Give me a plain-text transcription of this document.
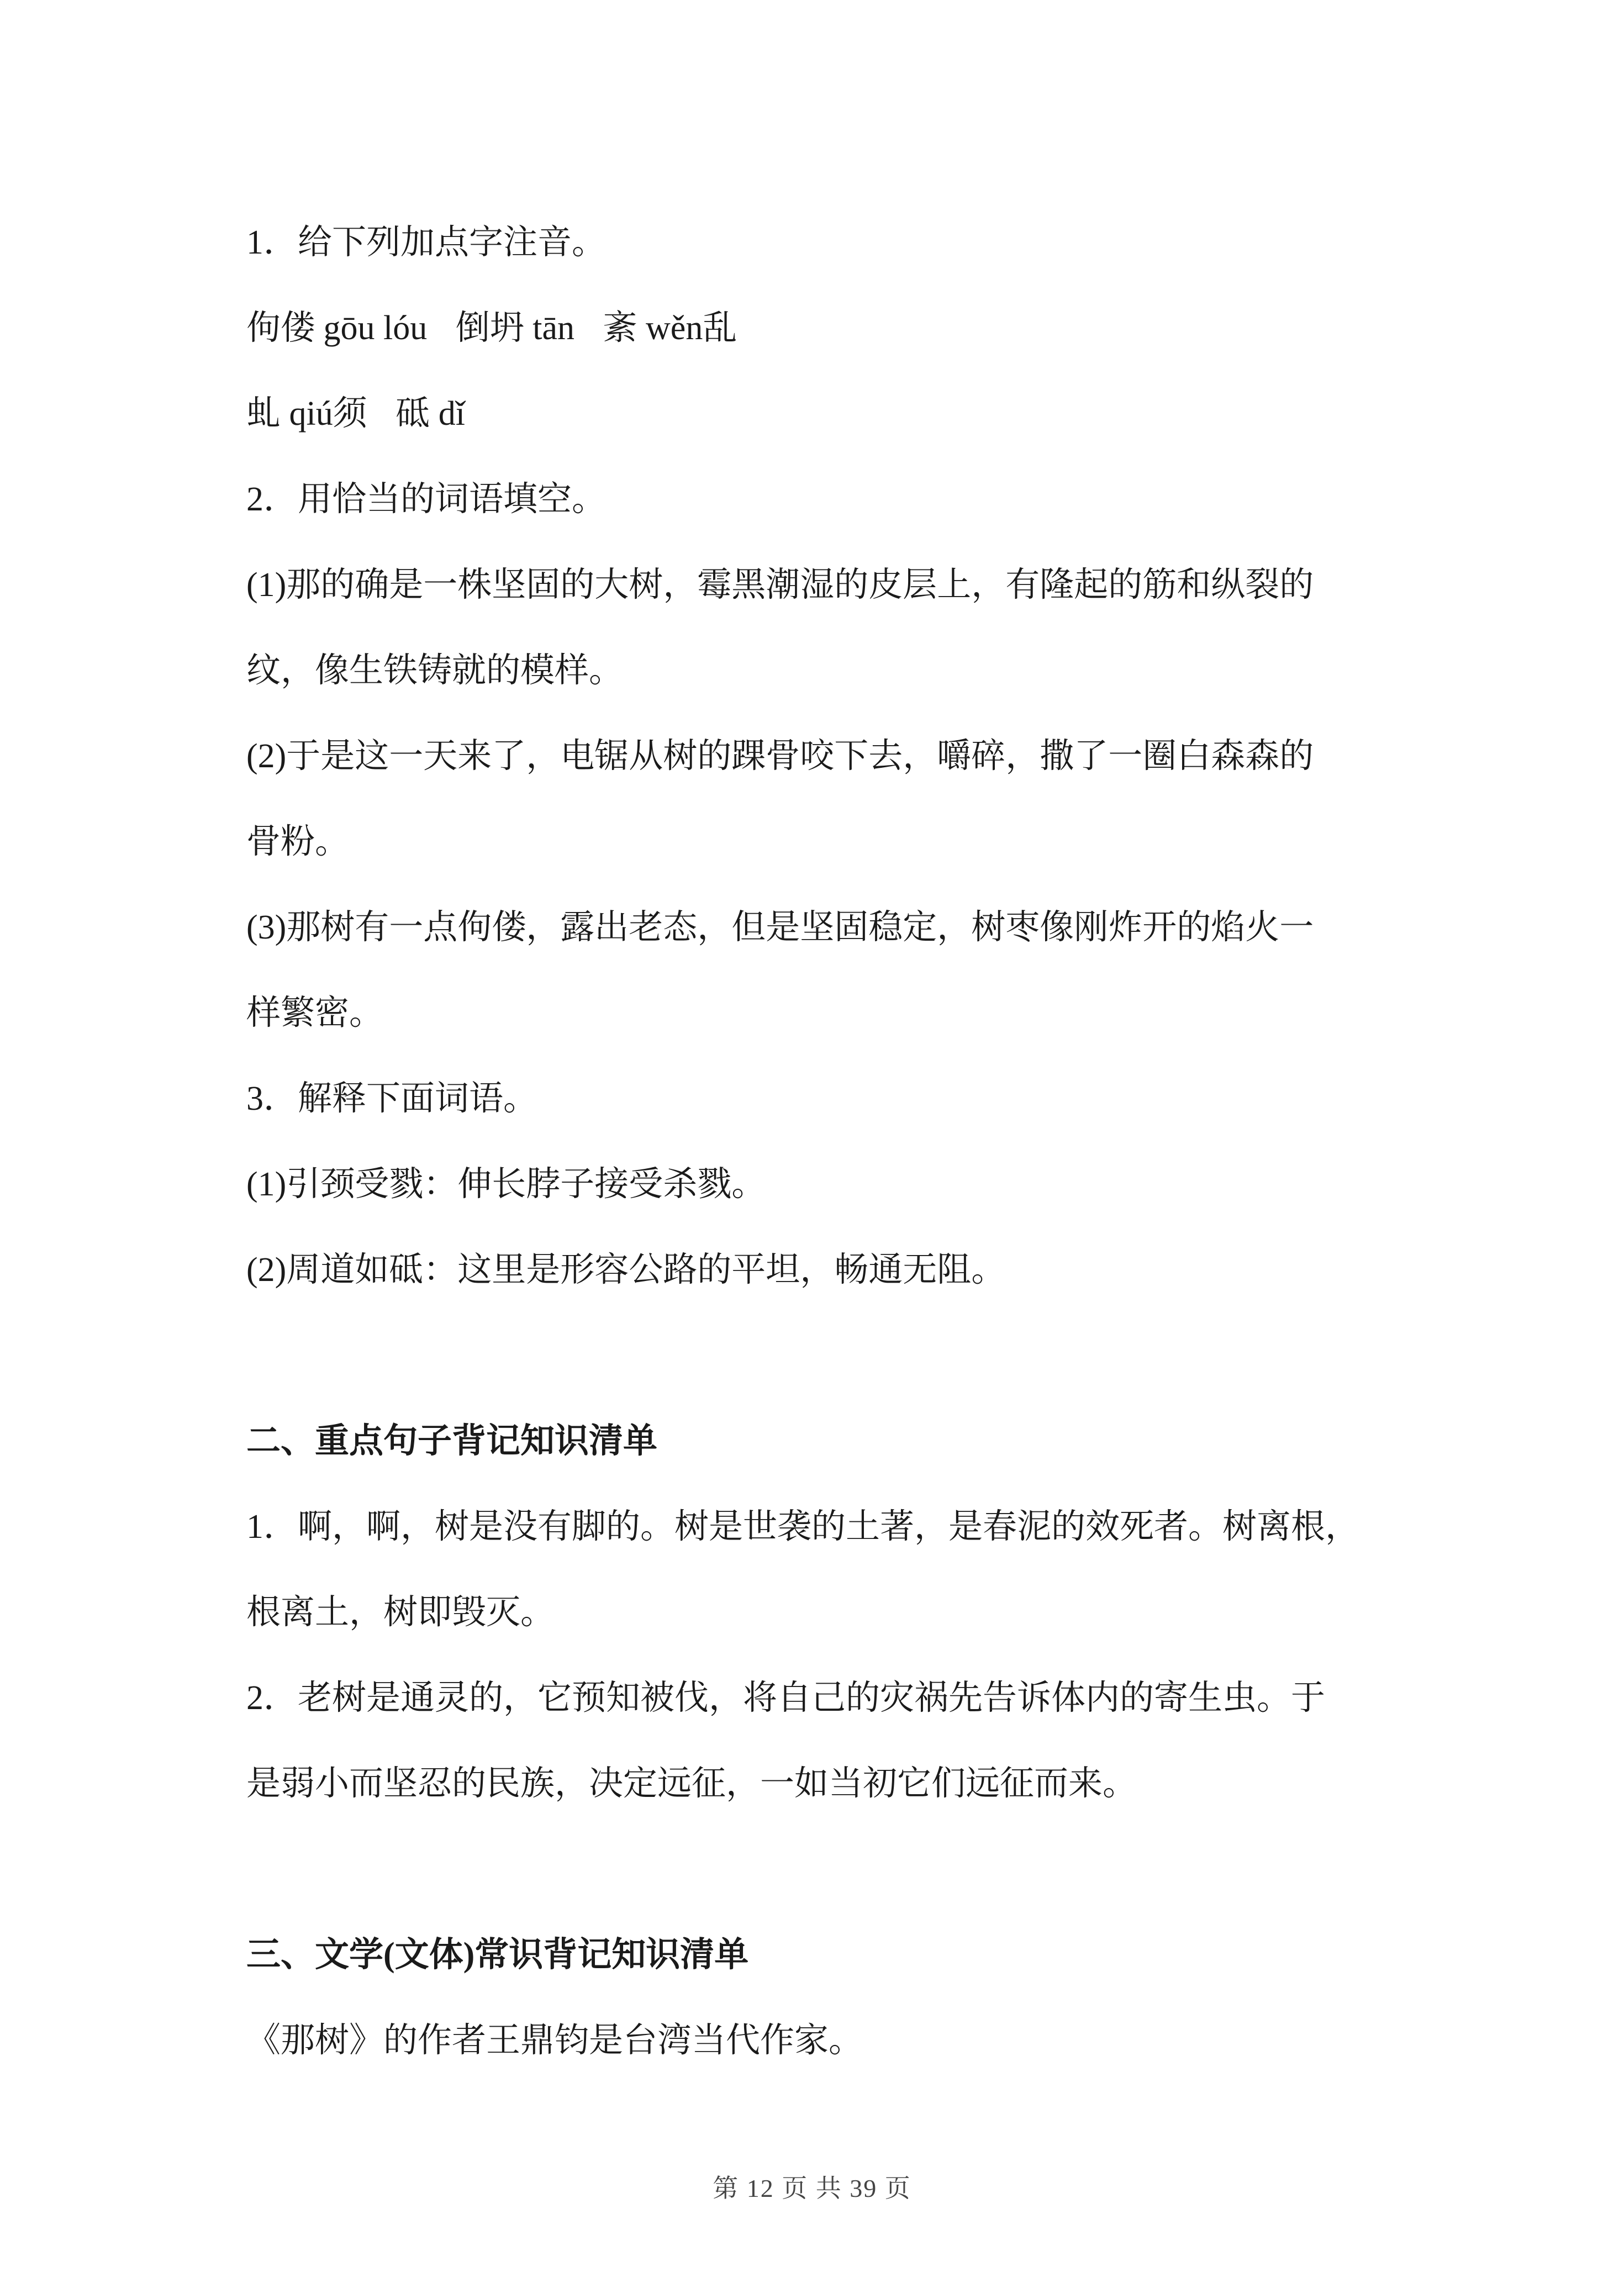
1．给下列加点字注音。
佝偻 gōu lóu 倒坍 tān 紊 wěn乱
虬 qiú须 砥 dǐ
2．用恰当的词语填空。
(1)那的确是一株坚固的大树，霉黑潮湿的皮层上，有隆起的筋和纵裂的
纹，像生铁铸就的模样。
(2)于是这一天来了，电锯从树的踝骨咬下去，嚼碎，撒了一圈白森森的
骨粉。
(3)那树有一点佝偻，露出老态，但是坚固稳定，树枣像刚炸开的焰火一
样繁密。
3．解释下面词语。
(1)引颈受戮：伸长脖子接受杀戮。
(2)周道如砥：这里是形容公路的平坦，畅通无阻。
二、重点句子背记知识清单
1．啊，啊，树是没有脚的。树是世袭的土著，是春泥的效死者。树离根，
根离土，树即毁灭。
2．老树是通灵的，它预知被伐，将自己的灾祸先告诉体内的寄生虫。于
是弱小而坚忍的民族，决定远征，一如当初它们远征而来。
三、文学(文体)常识背记知识清单
《那树》的作者王鼎钧是台湾当代作家。
第 12 页 共 39 页
